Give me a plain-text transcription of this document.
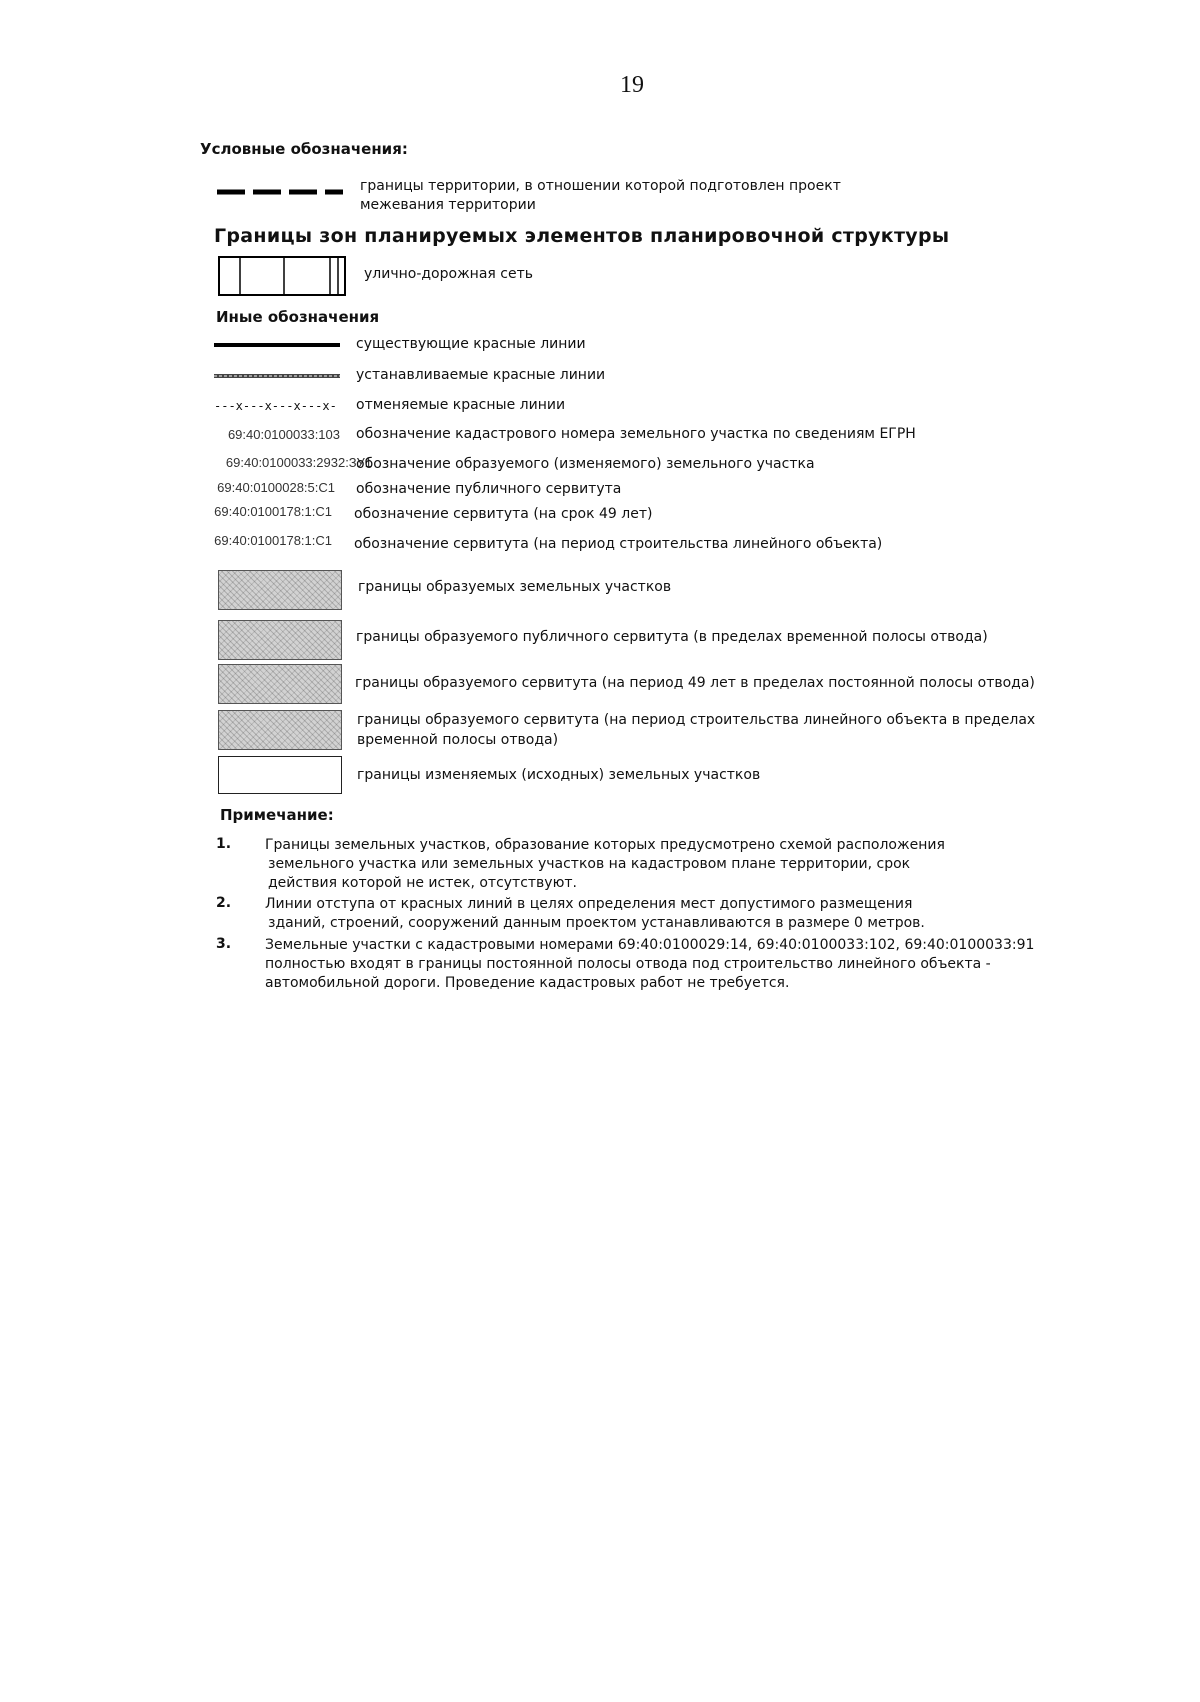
19
Условные обозначения:
границы территории, в отношении которой подготовлен проект
межевания территории
Границы зон планируемых элементов планировочной структуры
улично-дорожная сеть
Иные обозначения
существующие красные линии
устанавливаемые красные линии
---x---x---x---x- отменяемые красные линии
69:40:0100033:103 обозначение кадастрового номера земельного участка по сведениям ЕГРН
69:40:0100033:2932:ЗУ1
обозначение образуемого (изменяемого) земельного участка
69:40:0100028:5:С1 обозначение публичного сервитута
69:40:0100178:1:С1 обозначение сервитута (на срок 49 лет)
69:40:0100178:1:С1 обозначение сервитута (на период строительства линейного объекта)
границы образуемых земельных участков
границы образуемого публичного сервитута (в пределах временной полосы отвода)
границы образуемого сервитута (на период 49 лет в пределах постоянной полосы отвода)
границы образуемого сервитута (на период строительства линейного объекта в пределах
временной полосы отвода)
границы изменяемых (исходных) земельных участков
Примечание:
1. Границы земельных участков, образование которых предусмотрено схемой расположения
земельного участка или земельных участков на кадастровом плане территории, срок
действия которой не истек, отсутствуют.
2. Линии отступа от красных линий в целях определения мест допустимого размещения
зданий, строений, сооружений данным проектом устанавливаются в размере 0 метров.
3. Земельные участки с кадастровыми номерами 69:40:0100029:14, 69:40:0100033:102, 69:40:0100033:91
полностью входят в границы постоянной полосы отвода под строительство линейного объекта -
автомобильной дороги. Проведение кадастровых работ не требуется.
